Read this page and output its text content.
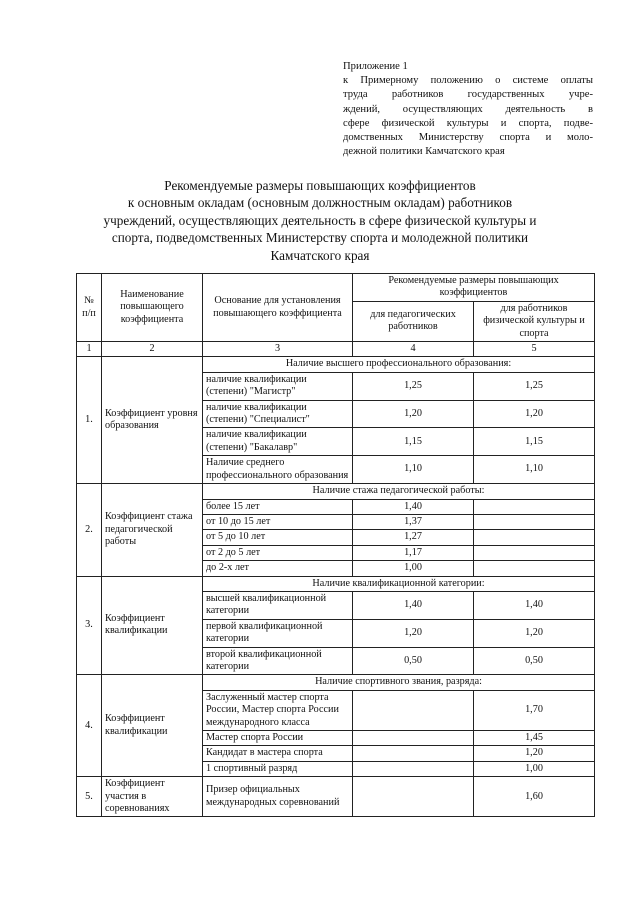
Приложение 1
к Примерному положению о системе оплаты
труда работников государственных учре-
ждений, осуществляющих деятельность в
сфере физической культуры и спорта, подве-
домственных Министерству спорта и моло-
дежной политики Камчатского края
Рекомендуемые размеры повышающих коэффициентов
к основным окладам (основным должностным окладам) работников
учреждений, осуществляющих деятельность в сфере физической культуры и
спорта, подведомственных Министерству спорта и молодежной политики
Камчатского края
№ п/п	Наименование повышающего коэффициента	Основание для установления повышающего коэффициента	Рекомендуемые размеры повышающих коэффициентов	
			для педагогических работников	для работников физической культуры и спорта
1	2	3	4	5
1.	Коэффициент уровня образования	Наличие высшего профессионального образования:		
		наличие квалификации (степени) "Магистр"	1,25	1,25
		наличие квалификации (степени) "Специалист"	1,20	1,20
		наличие квалификации (степени) "Бакалавр"	1,15	1,15
		Наличие среднего профессионального образования	1,10	1,10
2.	Коэффициент стажа педагогической работы	Наличие стажа педагогической работы:		
		более 15 лет	1,40	
		от 10 до 15 лет	1,37	
		от 5 до 10 лет	1,27	
		от 2 до 5 лет	1,17	
		до 2-х лет	1,00	
3.	Коэффициент квалификации	Наличие квалификационной категории:		
		высшей квалификационной категории	1,40	1,40
		первой квалификационной категории	1,20	1,20
		второй квалификационной категории	0,50	0,50
4.	Коэффициент квалификации	Наличие спортивного звания, разряда:		
		Заслуженный мастер спорта России, Мастер спорта России международного класса		1,70
		Мастер спорта России		1,45
		Кандидат в мастера спорта		1,20
		1 спортивный разряд		1,00
5.	Коэффициент участия в соревнованиях	Призер официальных международных соревнований		1,60
